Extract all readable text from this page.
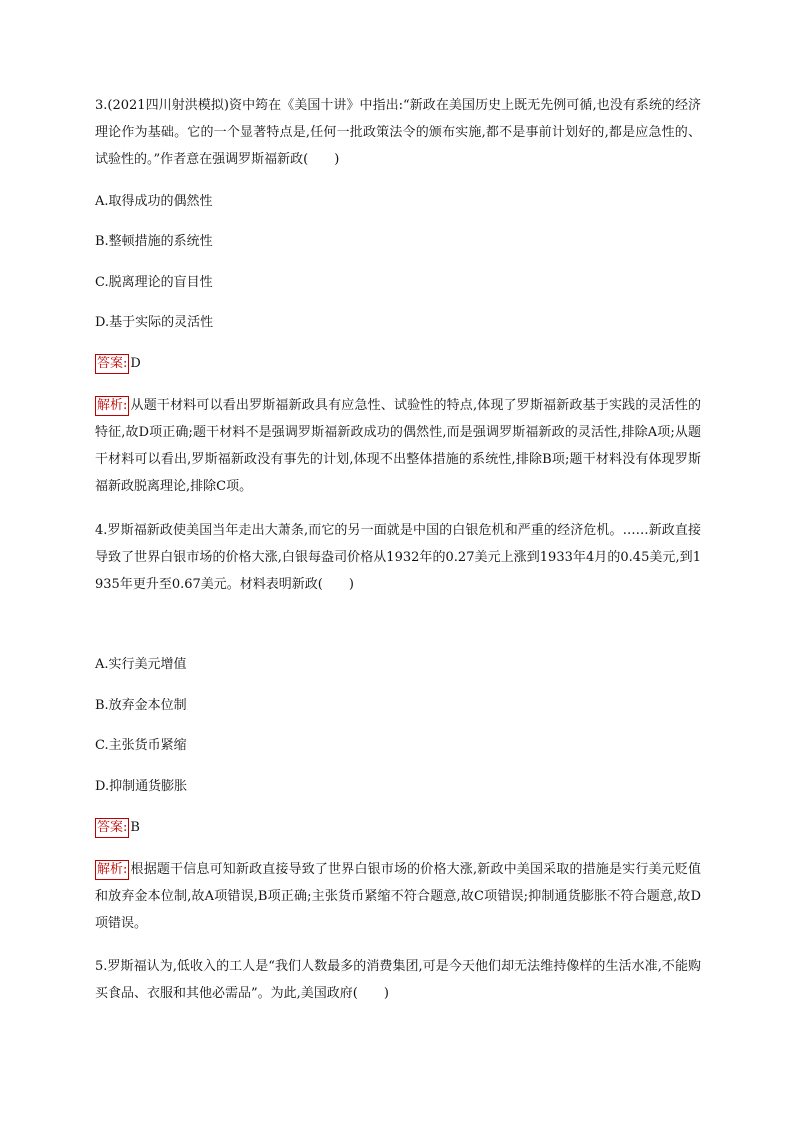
3.(2021四川射洪模拟)资中筠在《美国十讲》中指出:“新政在美国历史上既无先例可循,也没有系统的经济理论作为基础。它的一个显著特点是,任何一批政策法令的颁布实施,都不是事前计划好的,都是应急性的、试验性的。”作者意在强调罗斯福新政(　　)

A.取得成功的偶然性

B.整顿措施的系统性

C.脱离理论的盲目性

D.基于实际的灵活性

答案: D

解析: 从题干材料可以看出罗斯福新政具有应急性、试验性的特点,体现了罗斯福新政基于实践的灵活性的特征,故D项正确;题干材料不是强调罗斯福新政成功的偶然性,而是强调罗斯福新政的灵活性,排除A项;从题干材料可以看出,罗斯福新政没有事先的计划,体现不出整体措施的系统性,排除B项;题干材料没有体现罗斯福新政脱离理论,排除C项。

4.罗斯福新政使美国当年走出大萧条,而它的另一面就是中国的白银危机和严重的经济危机。……新政直接导致了世界白银市场的价格大涨,白银每盎司价格从1932年的0.27美元上涨到1933年4月的0.45美元,到1935年更升至0.67美元。材料表明新政(　　)

A.实行美元增值

B.放弃金本位制

C.主张货币紧缩

D.抑制通货膨胀

答案: B

解析: 根据题干信息可知新政直接导致了世界白银市场的价格大涨,新政中美国采取的措施是实行美元贬值和放弃金本位制,故A项错误,B项正确;主张货币紧缩不符合题意,故C项错误;抑制通货膨胀不符合题意,故D项错误。

5.罗斯福认为,低收入的工人是“我们人数最多的消费集团,可是今天他们却无法维持像样的生活水准,不能购买食品、衣服和其他必需品”。为此,美国政府(　　)
